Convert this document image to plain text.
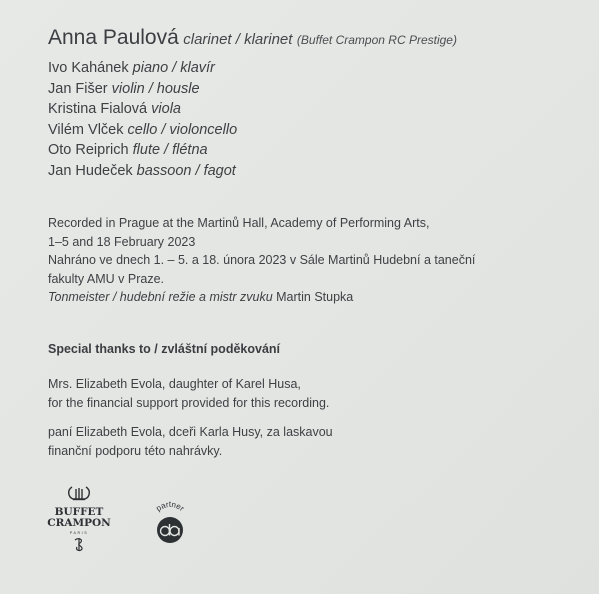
Anna Paulová clarinet / klarinet (Buffet Crampon RC Prestige)
Ivo Kahánek piano / klavír
Jan Fišer violin / housle
Kristina Fialová viola
Vilém Vlček cello / violoncello
Oto Reiprich flute / flétna
Jan Hudeček bassoon / fagot
Recorded in Prague at the Martinů Hall, Academy of Performing Arts,
1–5 and 18 February 2023
Nahráno ve dnech 1. – 5. a 18. února 2023 v Sále Martinů Hudební a taneční
fakulty AMU v Praze.
Tonmeister / hudební režie a mistr zvuku Martin Stupka
Special thanks to / zvláštní poděkování
Mrs. Elizabeth Evola, daughter of Karel Husa,
for the financial support provided for this recording.
paní Elizabeth Evola, dceři Karla Husy, za laskavou
finanční podporu této nahrávky.
BUFFET
CRAMPON
PARIS
partner
